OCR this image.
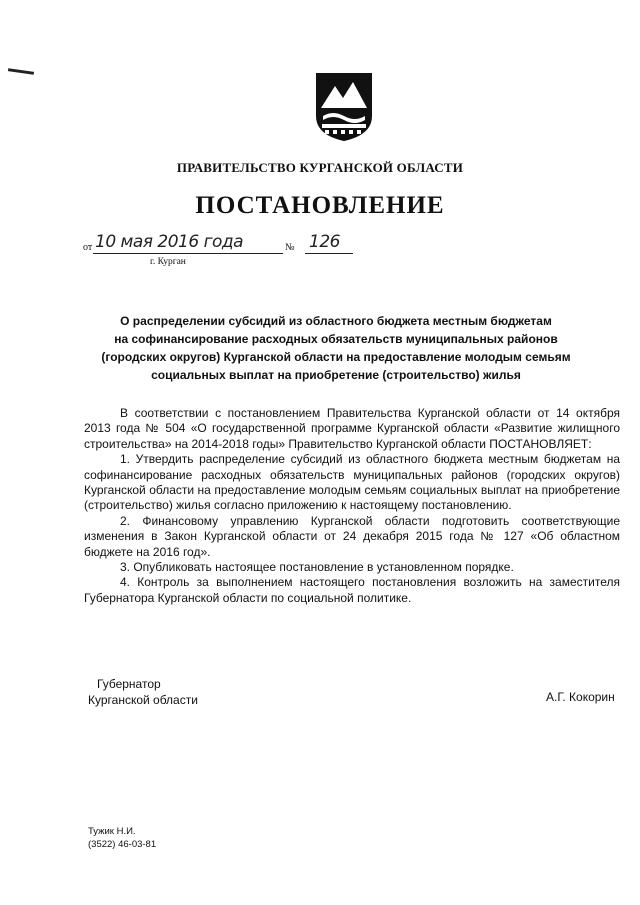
ПРАВИТЕЛЬСТВО КУРГАНСКОЙ ОБЛАСТИ
ПОСТАНОВЛЕНИЕ
от 10 мая 2016 года	№ 126
г. Курган
О распределении субсидий из областного бюджета местным бюджетам
на софинансирование расходных обязательств муниципальных районов
(городских округов) Курганской области на предоставление молодым семьям
социальных выплат на приобретение (строительство) жилья

В соответствии с постановлением Правительства Курганской области от 14 октября 2013 года № 504 «О государственной программе Курганской области «Развитие жилищного строительства» на 2014-2018 годы» Правительство Курганской области ПОСТАНОВЛЯЕТ:

1. Утвердить распределение субсидий из областного бюджета местным бюджетам на софинансирование расходных обязательств муниципальных районов (городских округов) Курганской области на предоставление молодым семьям социальных выплат на приобретение (строительство) жилья согласно приложению к настоящему постановлению.

2. Финансовому управлению Курганской области подготовить соответствующие изменения в Закон Курганской области от 24 декабря 2015 года № 127 «Об областном бюджете на 2016 год».

3. Опубликовать настоящее постановление в установленном порядке.

4. Контроль за выполнением настоящего постановления возложить на заместителя Губернатора Курганской области по социальной политике.

Губернатор
Курганской области	А.Г. Кокорин
Тужик Н.И.
(3522) 46-03-81
